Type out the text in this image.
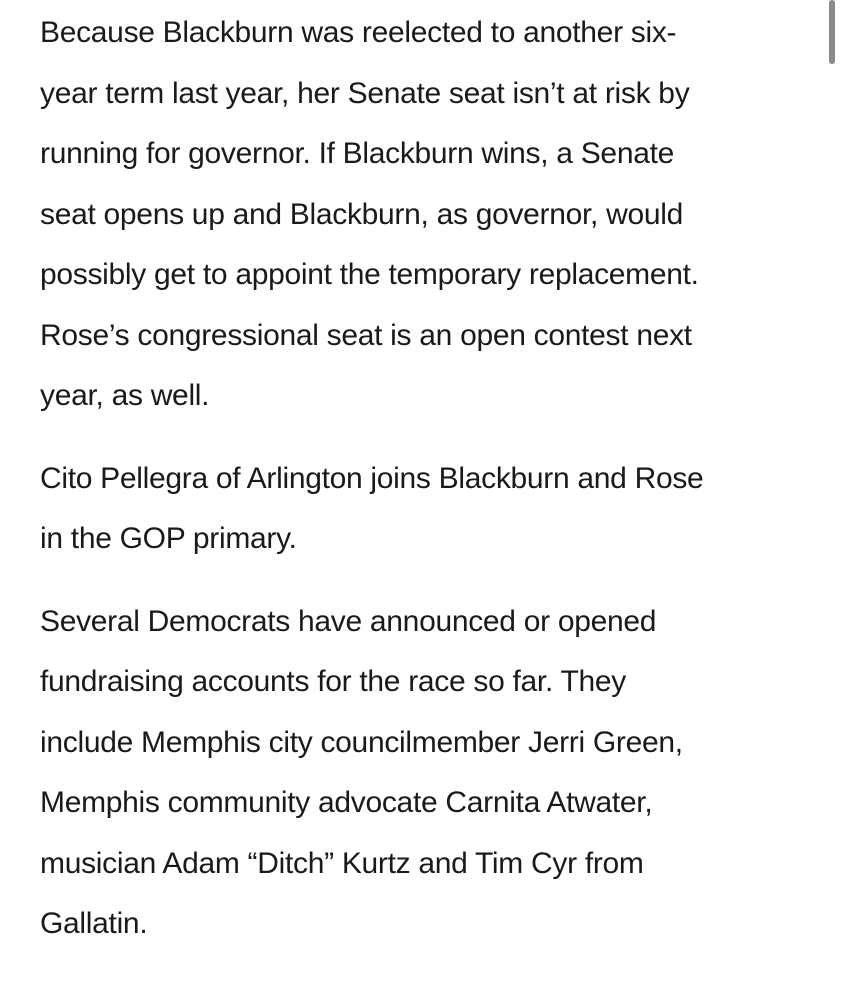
Because Blackburn was reelected to another six-
year term last year, her Senate seat isn’t at risk by
running for governor. If Blackburn wins, a Senate
seat opens up and Blackburn, as governor, would
possibly get to appoint the temporary replacement.
Rose’s congressional seat is an open contest next
year, as well.

Cito Pellegra of Arlington joins Blackburn and Rose
in the GOP primary.

Several Democrats have announced or opened
fundraising accounts for the race so far. They
include Memphis city councilmember Jerri Green,
Memphis community advocate Carnita Atwater,
musician Adam “Ditch” Kurtz and Tim Cyr from
Gallatin.
